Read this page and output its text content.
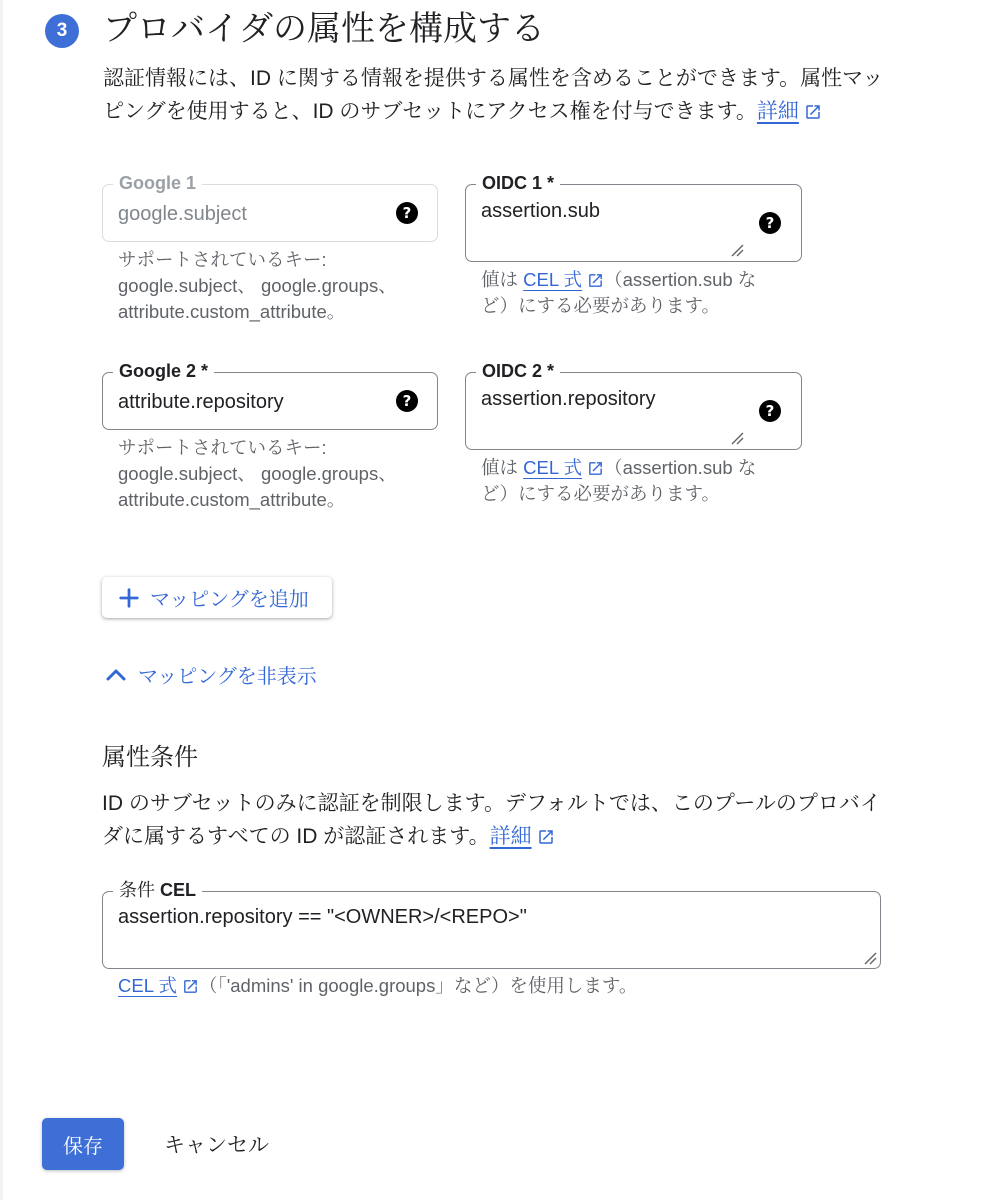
3	プロバイダの属性を構成する

認証情報には、ID に関する情報を提供する属性を含めることができます。属性マッピングを使用すると、ID のサブセットにアクセス権を付与できます。詳細

Google 1
google.subject	?

サポートされているキー: google.subject、 google.groups、 attribute.custom_attribute。

OIDC 1 *
assertion.sub
?

値は CEL 式 （assertion.sub など）にする必要があります。

Google 2 *
attribute.repository	?

サポートされているキー: google.subject、 google.groups、 attribute.custom_attribute。

OIDC 2 *
assertion.repository
?

値は CEL 式 （assertion.sub など）にする必要があります。

マッピングを追加
マッピングを非表示
属性条件

ID のサブセットのみに認証を制限します。デフォルトでは、このプールのプロバイダに属するすべての ID が認証されます。詳細

条件 CEL
assertion.repository == "<OWNER>/<REPO>"

CEL 式 （「'admins' in google.groups」など）を使用します。

保存	キャンセル
